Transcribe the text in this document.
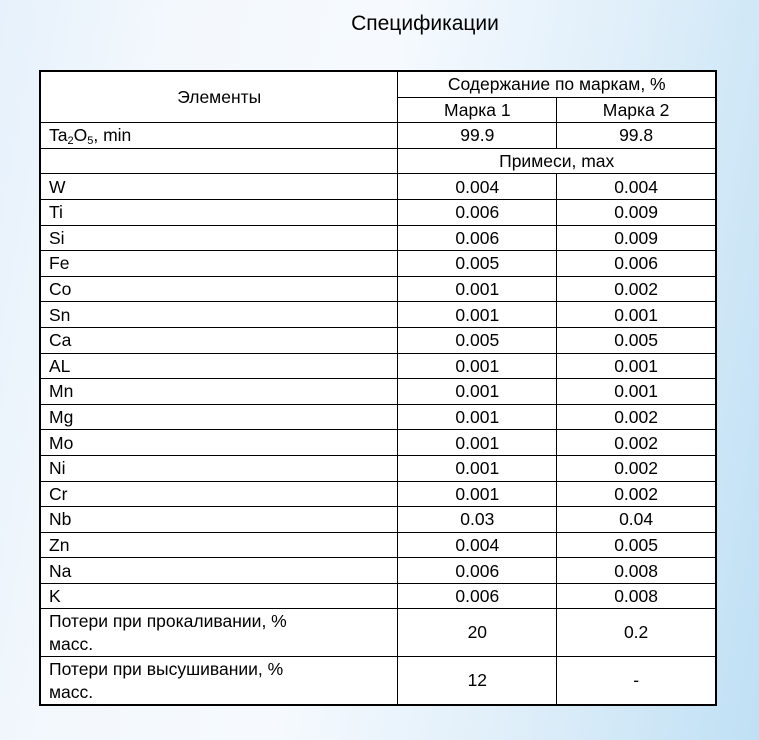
Спецификации
Элементы	Содержание по маркам, %	
	Марка 1	Марка 2
$Ta_2O_5$, min	99.9	99.8
	Примеси, max	
W	0.004	0.004
Ti	0.006	0.009
Si	0.006	0.009
Fe	0.005	0.006
Co	0.001	0.002
Sn	0.001	0.001
Ca	0.005	0.005
AL	0.001	0.001
Mn	0.001	0.001
Mg	0.001	0.002
Mo	0.001	0.002
Ni	0.001	0.002
Cr	0.001	0.002
Nb	0.03	0.04
Zn	0.004	0.005
Na	0.006	0.008
K	0.006	0.008
Потери при прокаливании, %
масс.	20	0.2
Потери при высушивании, %
масс.	12	-
